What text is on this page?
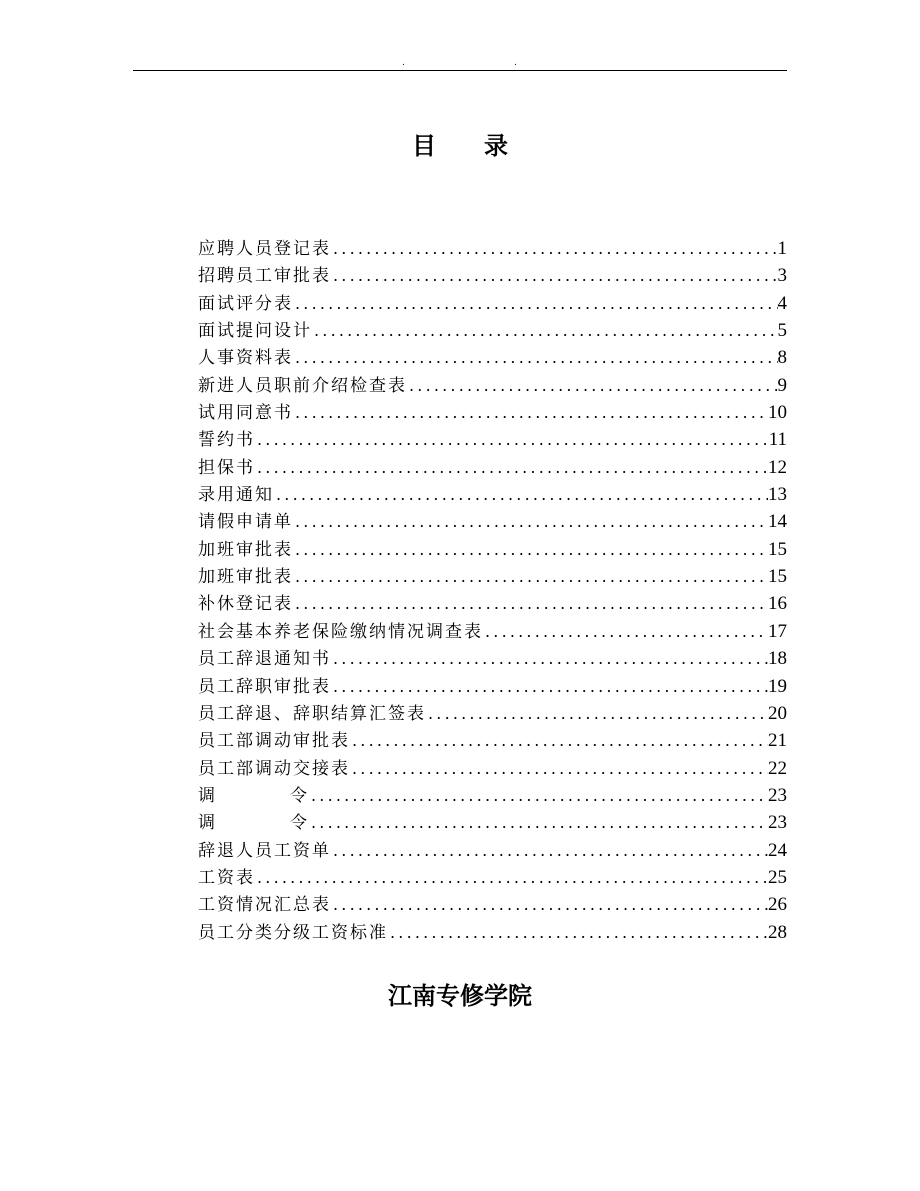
.	.
目 录
应聘人员登记表 .....	1
招聘员工审批表 .....	3
面试评分表 .....	4
面试提问设计 .....	5
人事资料表 .....	8
新进人员职前介绍检查表 .....	9
试用同意书 .....	10
誓约书 .....	11
担保书 .....	12
录用通知 .....	13
请假申请单 .....	14
加班审批表 .....	15
加班审批表 .....	15
补休登记表 .....	16
社会基本养老保险缴纳情况调查表 .....	17
员工辞退通知书 .....	18
员工辞职审批表 .....	19
员工辞退、辞职结算汇签表 .....	20
员工部调动审批表 .....	21
员工部调动交接表 .....	22
调	令 .....	23
调	令 .....	23
辞退人员工资单 .....	24
工资表 .....	25
工资情况汇总表 .....	26
员工分类分级工资标准 .....	28
江南专修学院
